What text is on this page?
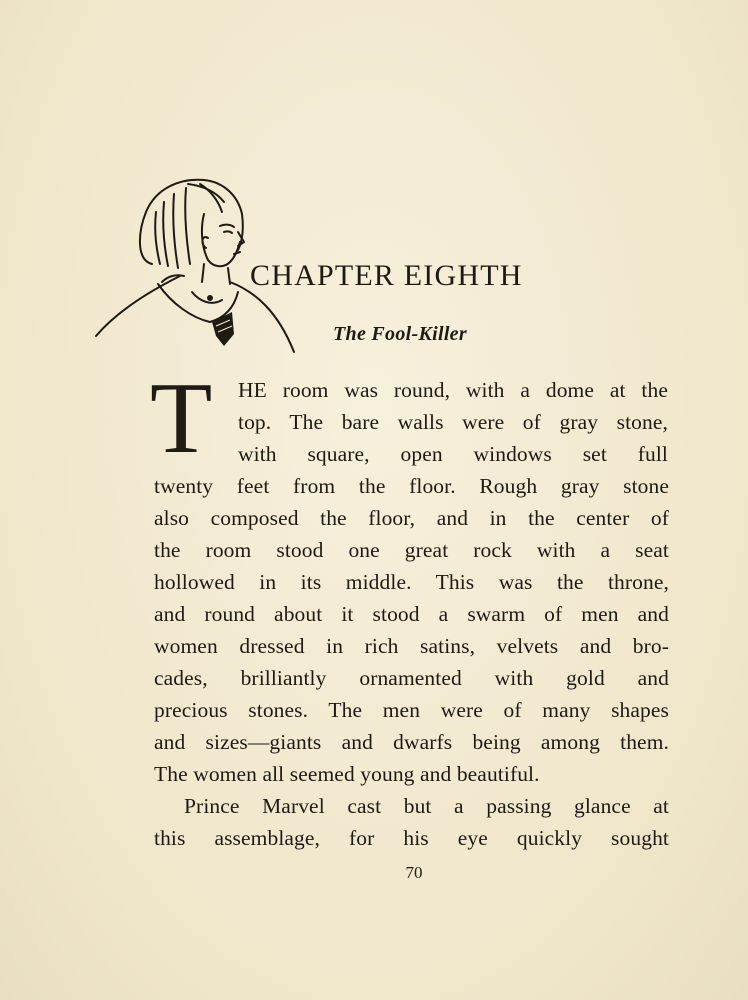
CHAPTER EIGHTH
The Fool-Killer
T HE room was round, with a dome at the

top. The bare walls were of gray stone,

with square, open windows set full

twenty feet from the floor. Rough gray stone

also composed the floor, and in the center of

the room stood one great rock with a seat

hollowed in its middle. This was the throne,

and round about it stood a swarm of men and

women dressed in rich satins, velvets and bro-

cades, brilliantly ornamented with gold and

precious stones. The men were of many shapes

and sizes—giants and dwarfs being among them.

The women all seemed young and beautiful.

Prince Marvel cast but a passing glance at

this assemblage, for his eye quickly sought

70
